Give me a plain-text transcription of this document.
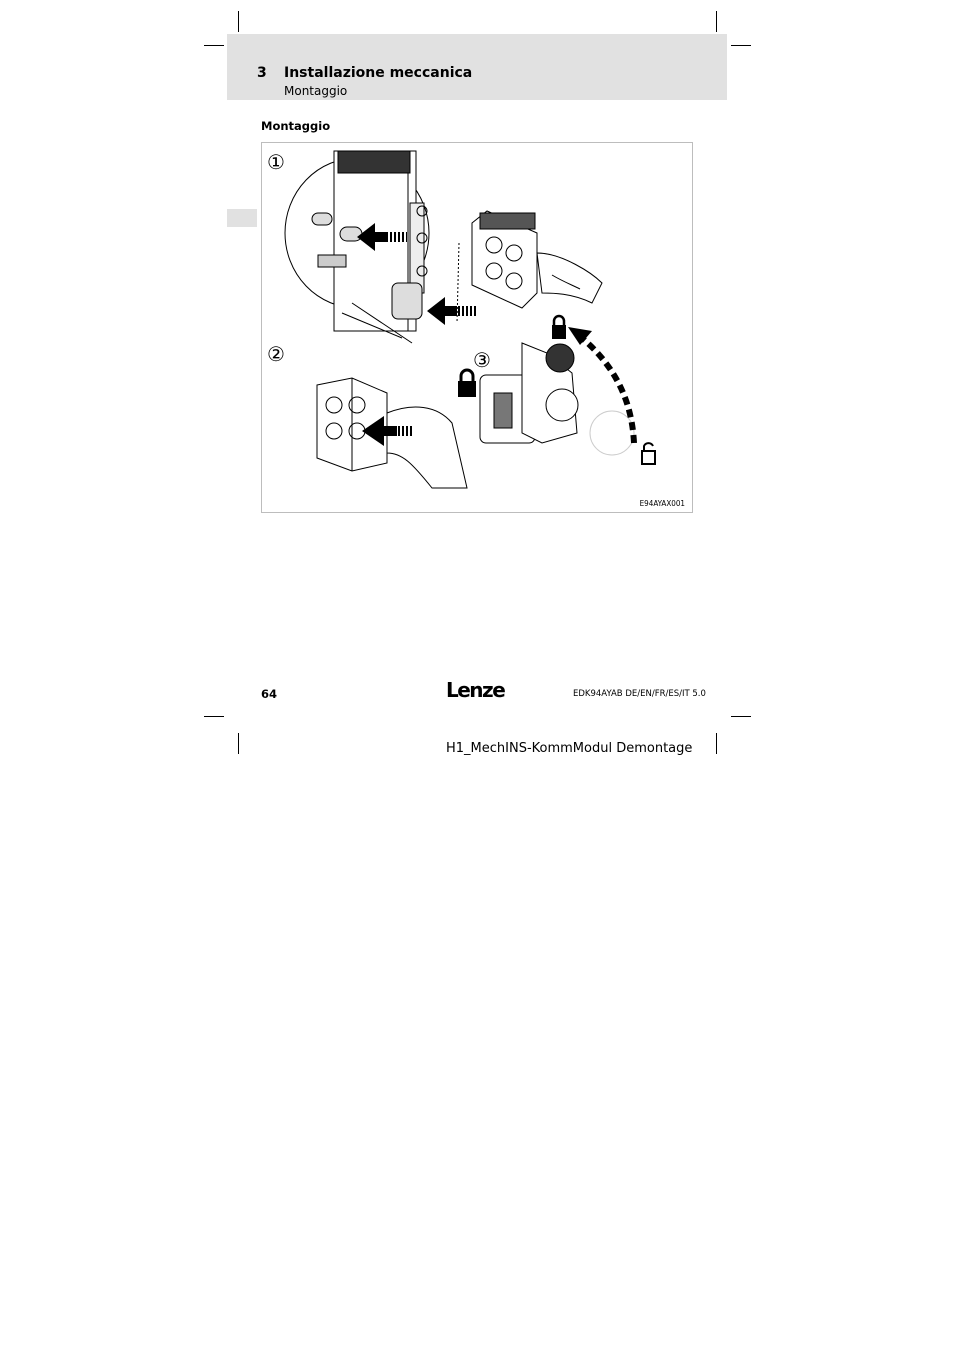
3 Installazione meccanica
Montaggio
Montaggio
①
②	③
E94AYAX001
64	Lenze	EDK94AYAB DE/EN/FR/ES/IT 5.0
H1_MechINS-KommModul Demontage
